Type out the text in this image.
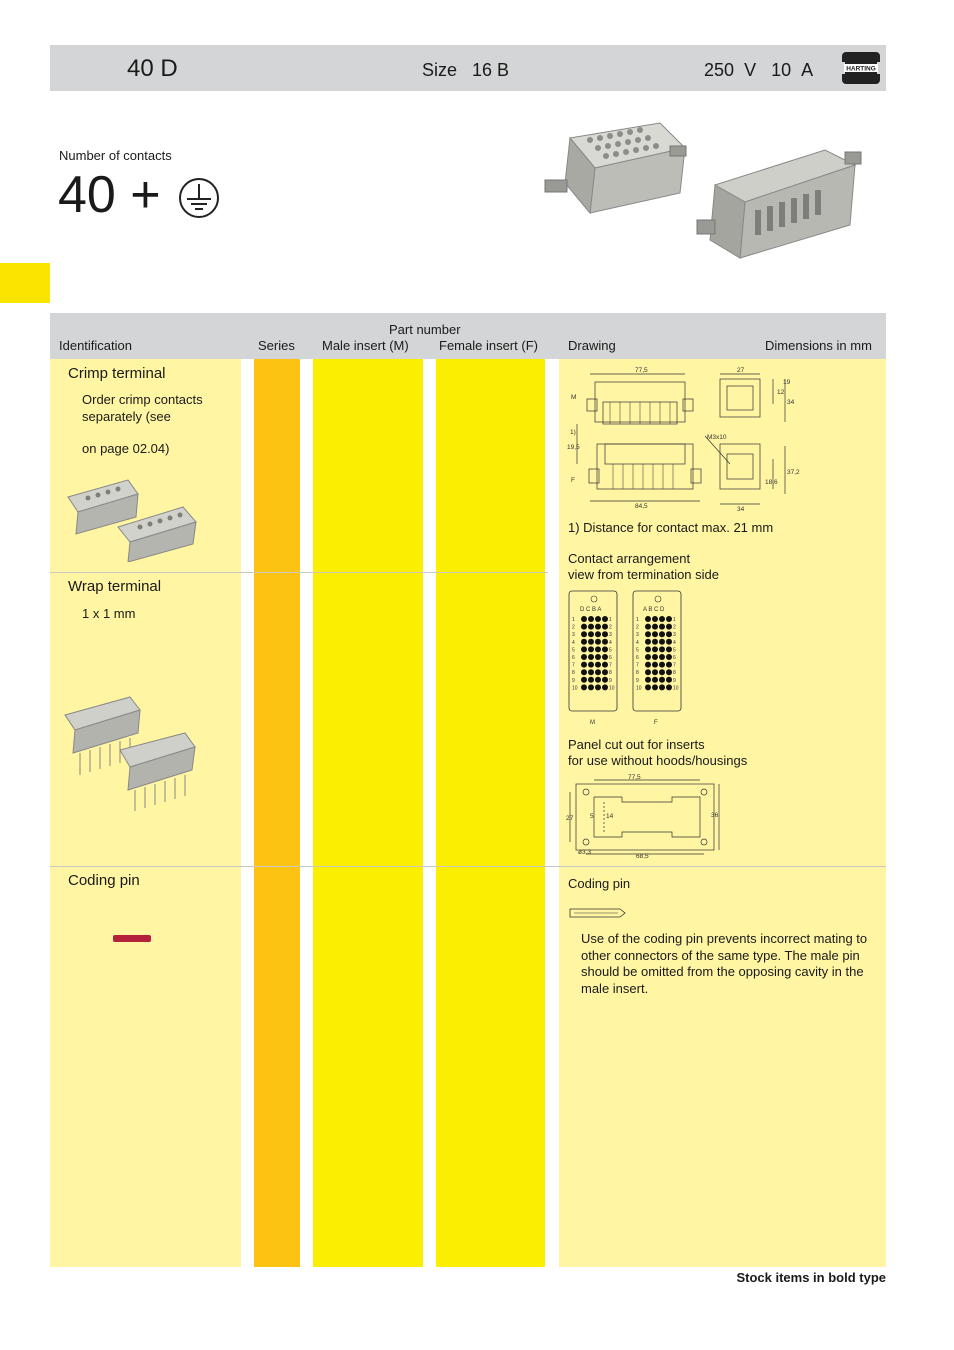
40 D	Size 16 B	250 V 10 A	HARTING
Number of contacts
40 +
Part number
Identification	Series Male insert (M) Female insert (F) Drawing	Dimensions in mm
Crimp terminal
Order crimp contacts
separately (see
on page 02.04)
Wrap terminal
1 x 1 mm
Coding pin
77,5	27
12
19
34
19,5
1)
M3x10
84,5	34
18,6
37,2
M
F
1) Distance for contact max. 21 mm
Contact arrangement
view from termination side
D C B A	A B C D
M	F
1	1
2	2
3	3
4	4
5	5
6	6
7	7
8	8
9	9
10	10
1	1
2	2
3	3
4	4
5	5
6	6
7	7
8	8
9	9
10	10
Panel cut out for inserts
for use without hoods/housings
77,5
27	5 14	36
ø3,3
68,5
Coding pin
Use of the coding pin prevents incorrect mating to
other connectors of the same type. The male pin
should be omitted from the opposing cavity in the
male insert.
Stock items in bold type
